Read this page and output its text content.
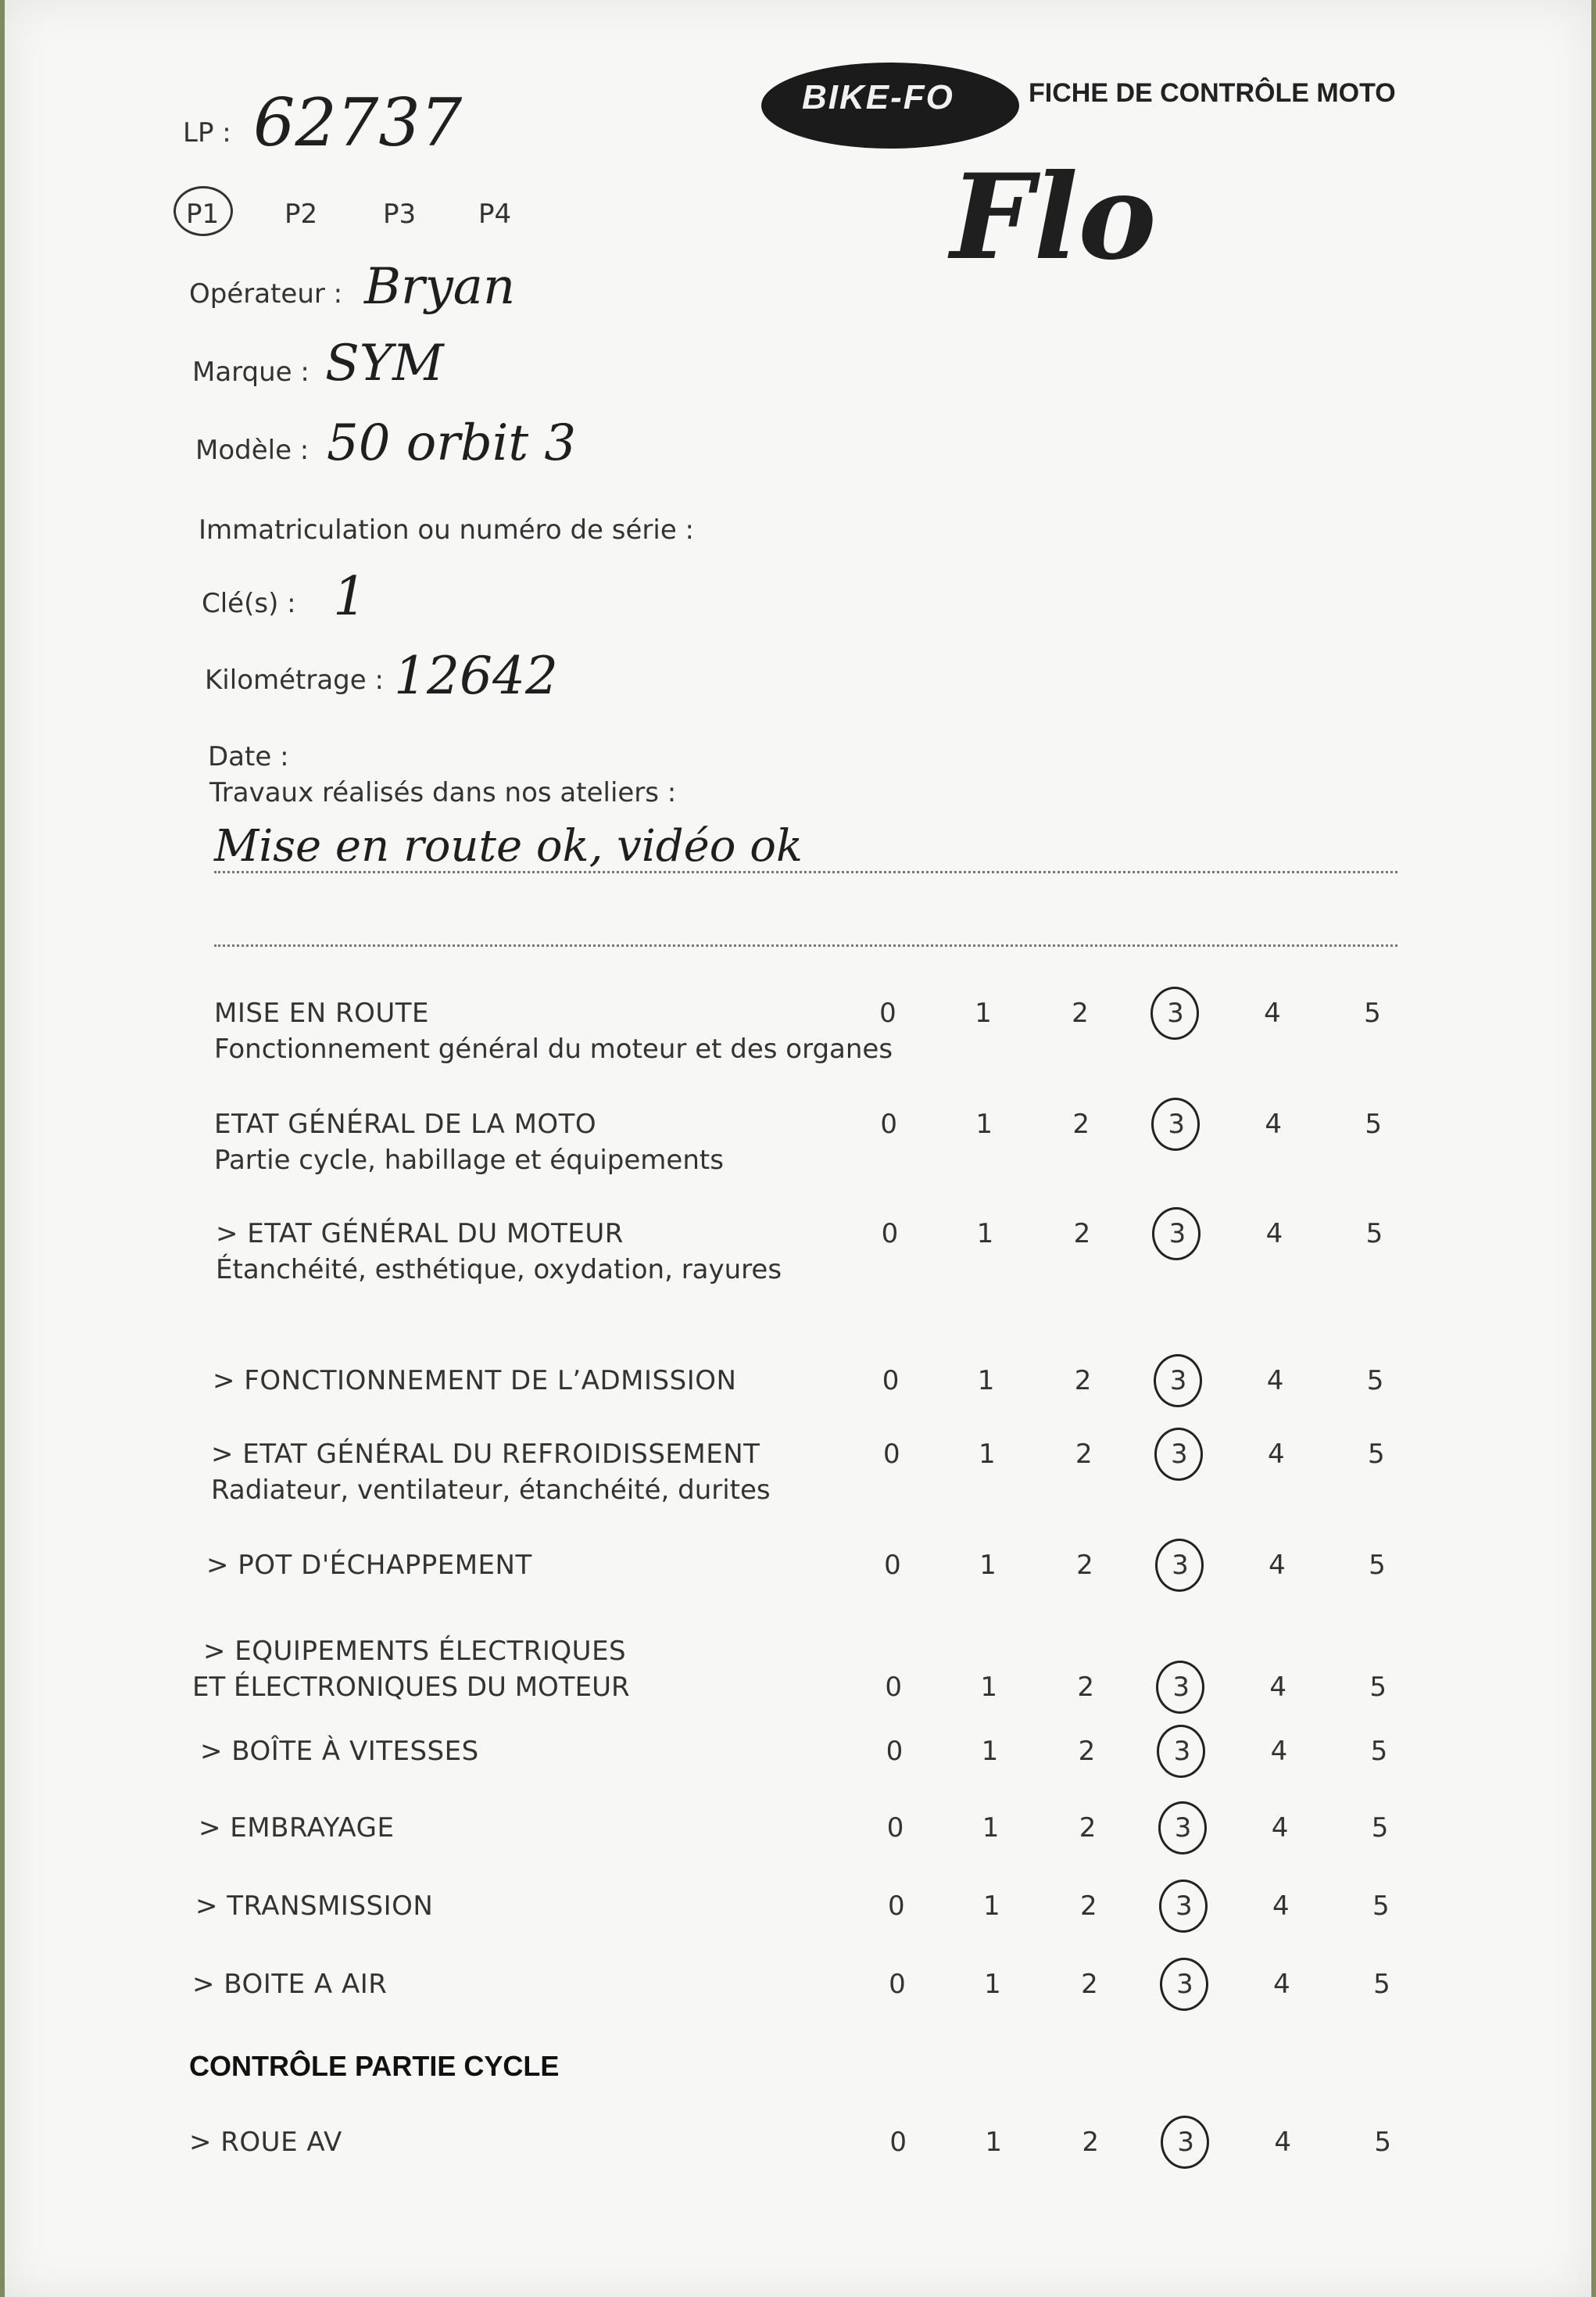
BIKE-FO	FICHE DE CONTRÔLE MOTO
Flo
LP : 62737
P1 P2 P3 P4
Opérateur : Bryan
Marque : SYM
Modèle : 50 orbit 3
Immatriculation ou numéro de série :
Clé(s) : 1
Kilométrage : 12642
Date :
Travaux réalisés dans nos ateliers :
Mise en route ok, vidéo ok
MISE EN ROUTE
Fonctionnement général du moteur et des organes
0	1	2	3	4	5
ETAT GÉNÉRAL DE LA MOTO
Partie cycle, habillage et équipements
0	1	2	3	4	5
> ETAT GÉNÉRAL DU MOTEUR
Étanchéité, esthétique, oxydation, rayures
0	1	2	3	4	5
> FONCTIONNEMENT DE L’ADMISSION	0	1	2	3	4	5
> ETAT GÉNÉRAL DU REFROIDISSEMENT
Radiateur, ventilateur, étanchéité, durites
0	1	2	3	4	5
> POT D'ÉCHAPPEMENT	0	1	2	3	4	5
> EQUIPEMENTS ÉLECTRIQUES
ET ÉLECTRONIQUES DU MOTEUR	0	1	2	3	4	5
> BOÎTE À VITESSES	0	1	2	3	4	5
> EMBRAYAGE	0	1	2	3	4	5
> TRANSMISSION	0	1	2	3	4	5
> BOITE A AIR	0	1	2	3	4	5
CONTRÔLE PARTIE CYCLE
> ROUE AV	0	1	2	3	4	5
